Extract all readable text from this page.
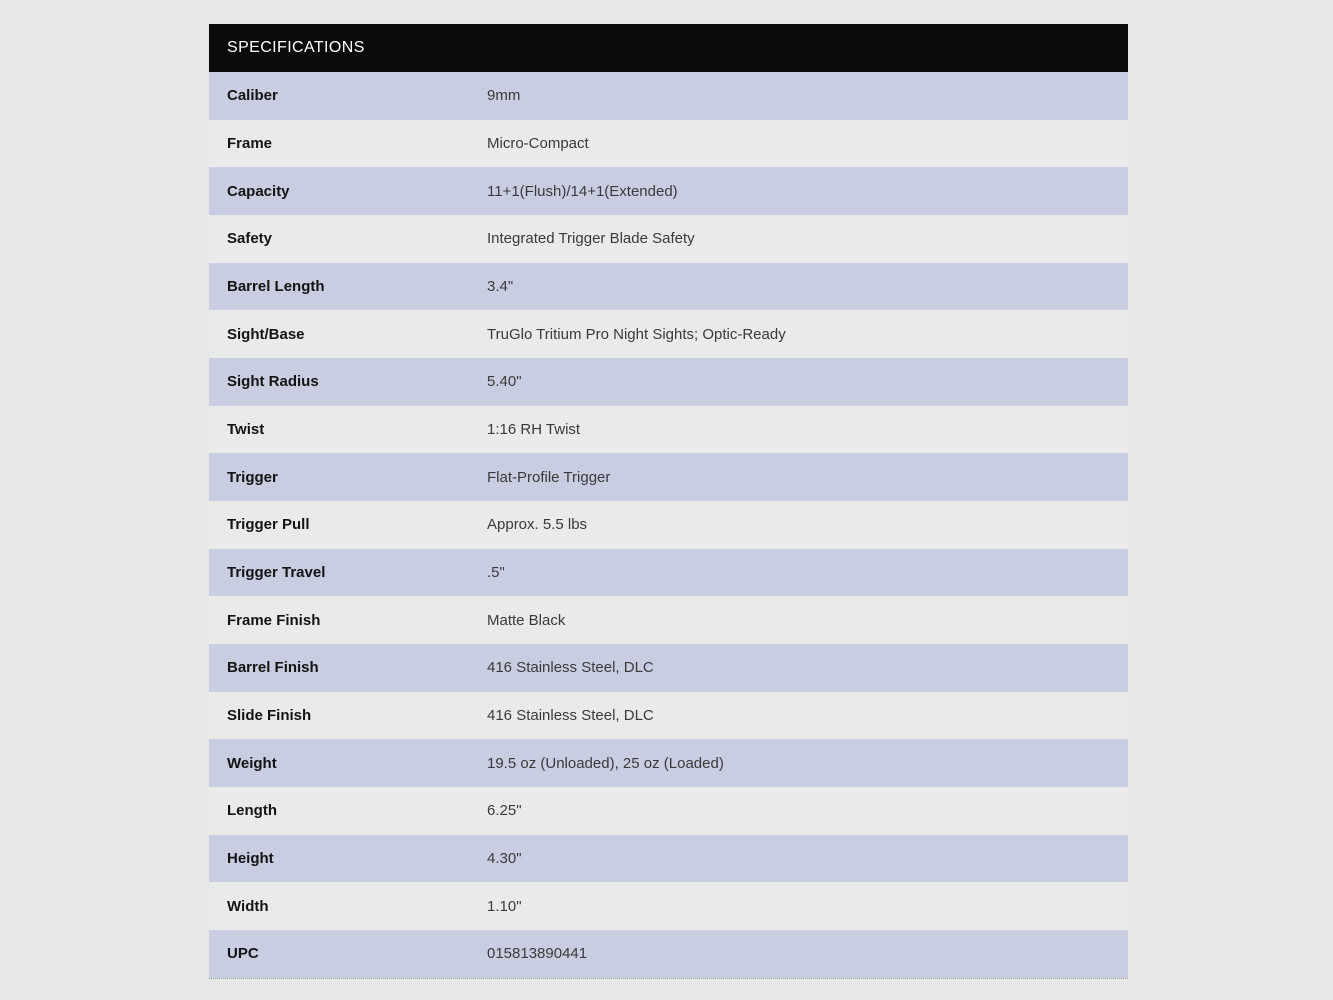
SPECIFICATIONS
Caliber	9mm
Frame	Micro-Compact
Capacity	11+1(Flush)/14+1(Extended)
Safety	Integrated Trigger Blade Safety
Barrel Length	3.4"
Sight/Base	TruGlo Tritium Pro Night Sights; Optic-Ready
Sight Radius	5.40"
Twist	1:16 RH Twist
Trigger	Flat-Profile Trigger
Trigger Pull	Approx. 5.5 lbs
Trigger Travel	.5"
Frame Finish	Matte Black
Barrel Finish	416 Stainless Steel, DLC
Slide Finish	416 Stainless Steel, DLC
Weight	19.5 oz (Unloaded), 25 oz (Loaded)
Length	6.25"
Height	4.30"
Width	1.10"
UPC	015813890441
